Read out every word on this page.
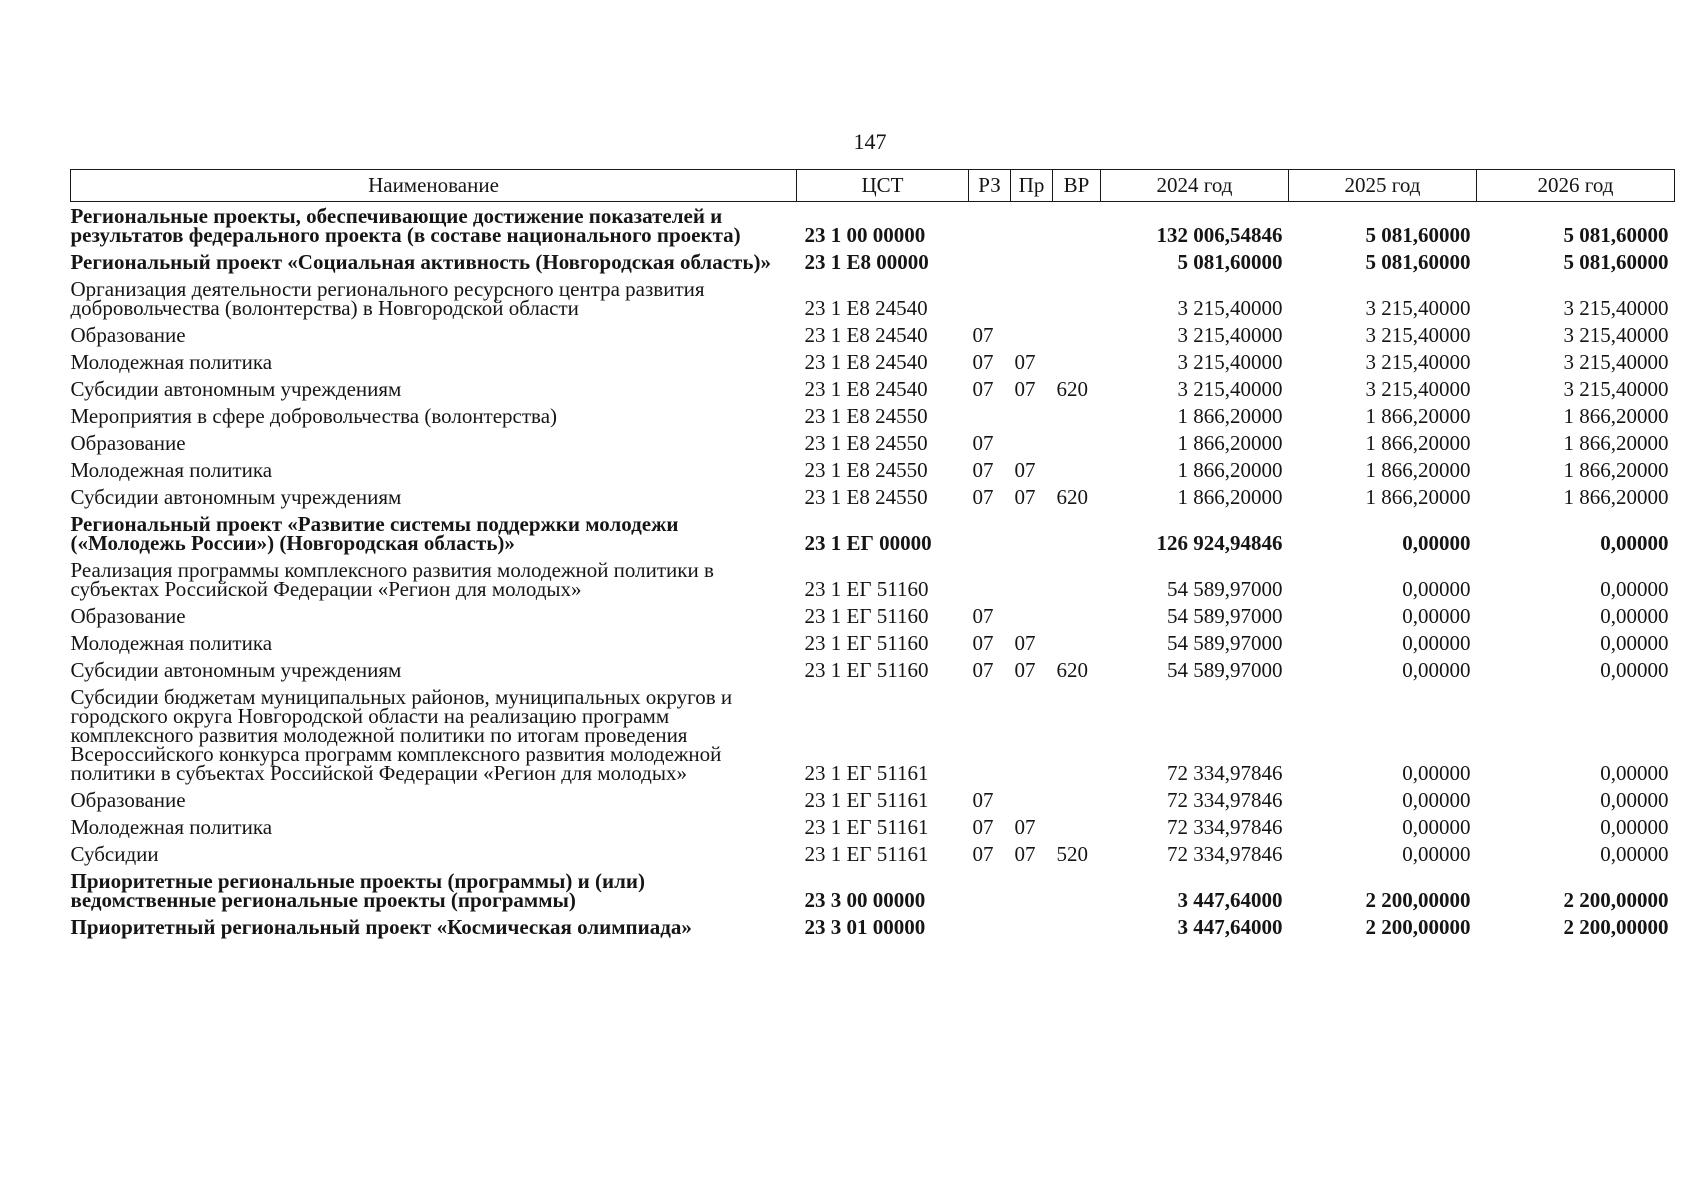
147
Наименование	ЦСТ	РЗ	Пр	ВР	2024 год	2025 год	2026 год
Региональные проекты, обеспечивающие достижение показателей и результатов федерального проекта (в составе национального проекта)	23 1 00 00000				132 006,54846	5 081,60000	5 081,60000
Региональный проект «Социальная активность (Новгородская область)»	23 1 Е8 00000				5 081,60000	5 081,60000	5 081,60000
Организация деятельности регионального ресурсного центра развития добровольчества (волонтерства) в Новгородской области	23 1 Е8 24540				3 215,40000	3 215,40000	3 215,40000
Образование	23 1 Е8 24540	07			3 215,40000	3 215,40000	3 215,40000
Молодежная политика	23 1 Е8 24540	07	07		3 215,40000	3 215,40000	3 215,40000
Субсидии автономным учреждениям	23 1 Е8 24540	07	07	620	3 215,40000	3 215,40000	3 215,40000
Мероприятия в сфере добровольчества (волонтерства)	23 1 Е8 24550				1 866,20000	1 866,20000	1 866,20000
Образование	23 1 Е8 24550	07			1 866,20000	1 866,20000	1 866,20000
Молодежная политика	23 1 Е8 24550	07	07		1 866,20000	1 866,20000	1 866,20000
Субсидии автономным учреждениям	23 1 Е8 24550	07	07	620	1 866,20000	1 866,20000	1 866,20000
Региональный проект «Развитие системы поддержки молодежи («Молодежь России») (Новгородская область)»	23 1 ЕГ 00000				126 924,94846	0,00000	0,00000
Реализация программы комплексного развития молодежной политики в субъектах Российской Федерации «Регион для молодых»	23 1 ЕГ 51160				54 589,97000	0,00000	0,00000
Образование	23 1 ЕГ 51160	07			54 589,97000	0,00000	0,00000
Молодежная политика	23 1 ЕГ 51160	07	07		54 589,97000	0,00000	0,00000
Субсидии автономным учреждениям	23 1 ЕГ 51160	07	07	620	54 589,97000	0,00000	0,00000
Субсидии бюджетам муниципальных районов, муниципальных округов и городского округа Новгородской области на реализацию программ комплексного развития молодежной политики по итогам проведения Всероссийского конкурса программ комплексного развития молодежной политики в субъектах Российской Федерации «Регион для молодых»	23 1 ЕГ 51161				72 334,97846	0,00000	0,00000
Образование	23 1 ЕГ 51161	07			72 334,97846	0,00000	0,00000
Молодежная политика	23 1 ЕГ 51161	07	07		72 334,97846	0,00000	0,00000
Субсидии	23 1 ЕГ 51161	07	07	520	72 334,97846	0,00000	0,00000
Приоритетные региональные проекты (программы) и (или) ведомственные региональные проекты (программы)	23 3 00 00000				3 447,64000	2 200,00000	2 200,00000
Приоритетный региональный проект «Космическая олимпиада»	23 3 01 00000				3 447,64000	2 200,00000	2 200,00000
